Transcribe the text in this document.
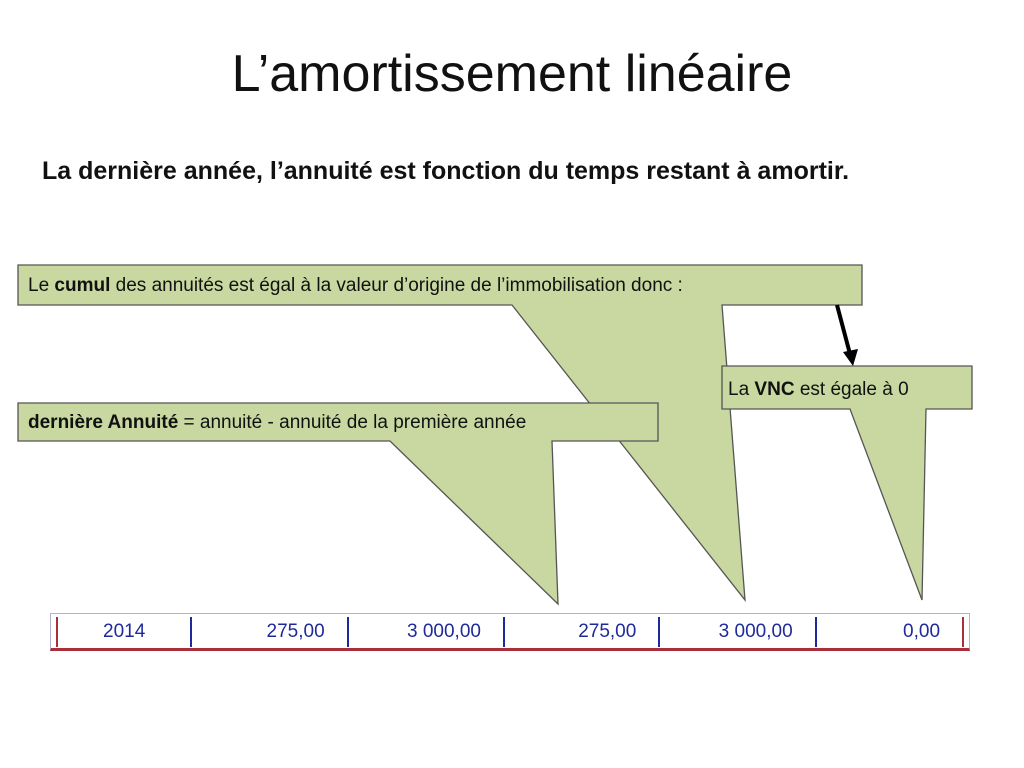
L’amortissement linéaire
La dernière année, l’annuité est fonction du temps restant à amortir.
Le cumul des annuités est égal à la valeur d’origine de l’immobilisation donc :
La VNC est égale à 0
dernière Annuité = annuité - annuité de la première année
2014	275,00	3 000,00	275,00	3 000,00	0,00
